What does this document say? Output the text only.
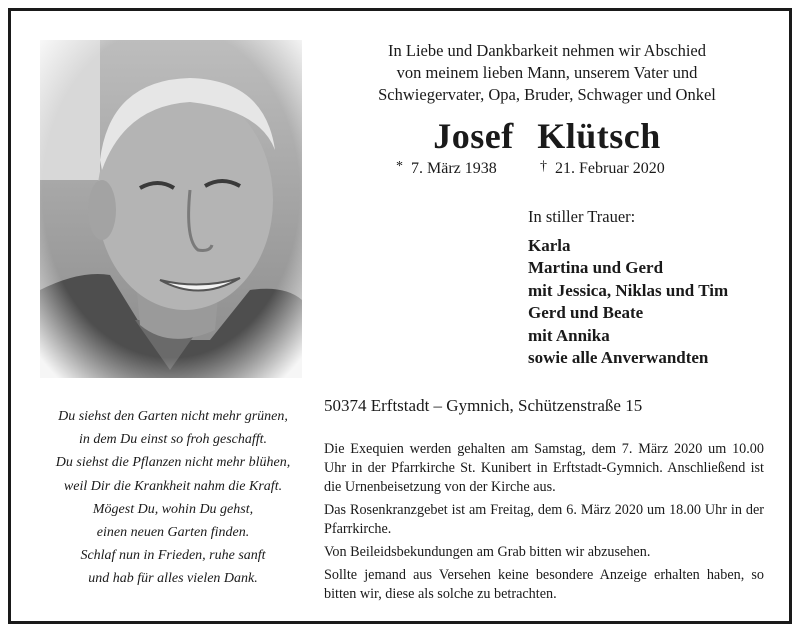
In Liebe und Dankbarkeit nehmen wir Abschied
von meinem lieben Mann, unserem Vater und
Schwiegervater, Opa, Bruder, Schwager und Onkel
Josef Klütsch
* 7. März 1938	† 21. Februar 2020
In stiller Trauer:
Karla
Martina und Gerd
mit Jessica, Niklas und Tim
Gerd und Beate
mit Annika
sowie alle Anverwandten
Du siehst den Garten nicht mehr grünen,
in dem Du einst so froh geschafft.
Du siehst die Pflanzen nicht mehr blühen,
weil Dir die Krankheit nahm die Kraft.
Mögest Du, wohin Du gehst,
einen neuen Garten finden.
Schlaf nun in Frieden, ruhe sanft
und hab für alles vielen Dank.
50374 Erftstadt – Gymnich, Schützenstraße 15

Die Exequien werden gehalten am Samstag, dem 7. März 2020 um 10.00 Uhr in der Pfarrkirche St. Kunibert in Erftstadt-Gymnich. Anschließend ist die Urnenbeisetzung von der Kirche aus.

Das Rosenkranzgebet ist am Freitag, dem 6. März 2020 um 18.00 Uhr in der Pfarrkirche.

Von Beileidsbekundungen am Grab bitten wir abzusehen.

Sollte jemand aus Versehen keine besondere Anzeige erhalten haben, so bitten wir, diese als solche zu betrachten.
